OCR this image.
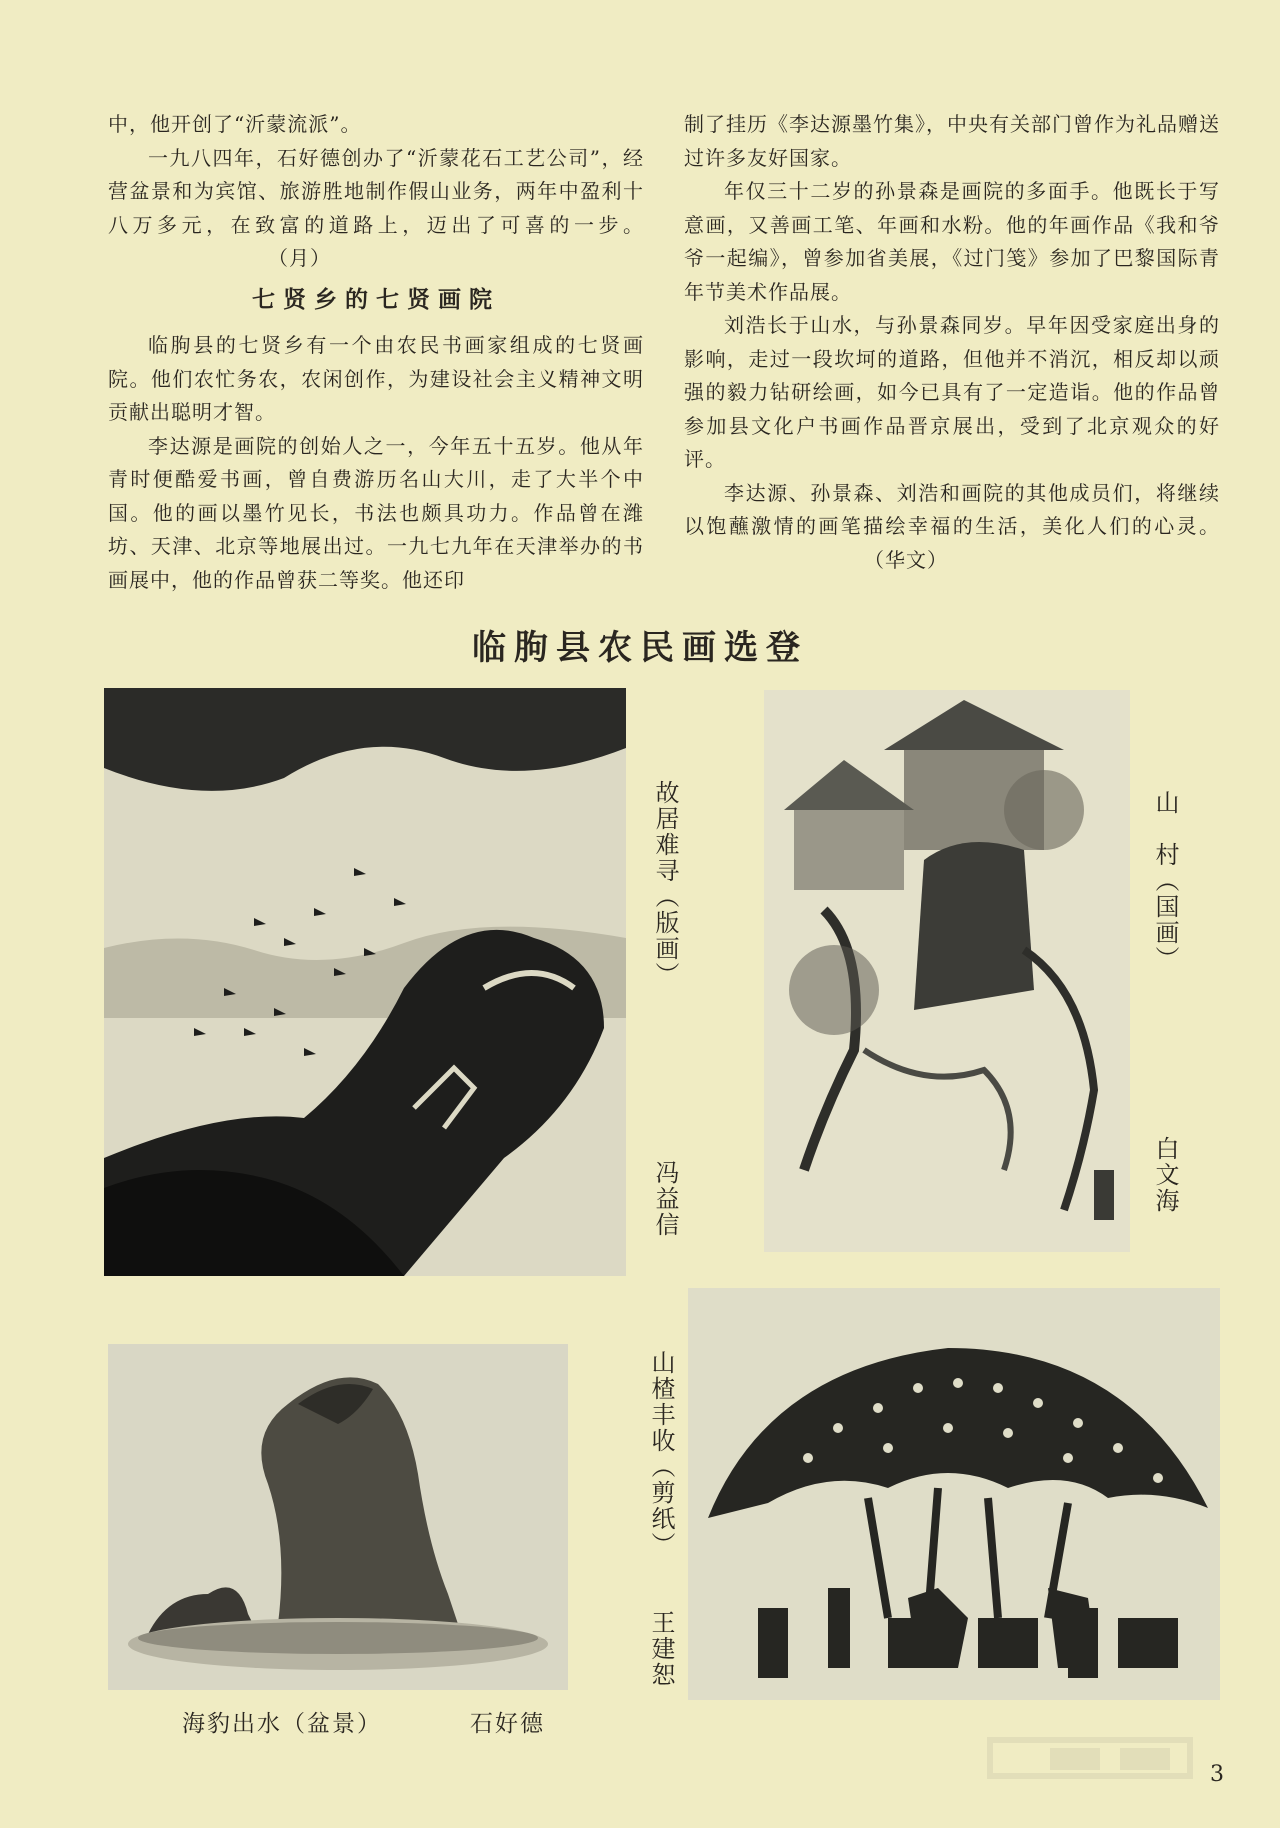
中，他开创了“沂蒙流派”。

一九八四年，石好德创办了“沂蒙花石工艺公司”，经营盆景和为宾馆、旅游胜地制作假山业务，两年中盈利十八万多元，在致富的道路上，迈出了可喜的一步。（月）

七贤乡的七贤画院

临朐县的七贤乡有一个由农民书画家组成的七贤画院。他们农忙务农，农闲创作，为建设社会主义精神文明贡献出聪明才智。

李达源是画院的创始人之一，今年五十五岁。他从年青时便酷爱书画，曾自费游历名山大川，走了大半个中国。他的画以墨竹见长，书法也颇具功力。作品曾在潍坊、天津、北京等地展出过。一九七九年在天津举办的书画展中，他的作品曾获二等奖。他还印

制了挂历《李达源墨竹集》，中央有关部门曾作为礼品赠送过许多友好国家。

年仅三十二岁的孙景森是画院的多面手。他既长于写意画，又善画工笔、年画和水粉。他的年画作品《我和爷爷一起编》，曾参加省美展，《过门笺》参加了巴黎国际青年节美术作品展。

刘浩长于山水，与孙景森同岁。早年因受家庭出身的影响，走过一段坎坷的道路，但他并不消沉，相反却以顽强的毅力钻研绘画，如今已具有了一定造诣。他的作品曾参加县文化户书画作品晋京展出，受到了北京观众的好评。

李达源、孙景森、刘浩和画院的其他成员们，将继续以饱蘸激情的画笔描绘幸福的生活，美化人们的心灵。（华文）

临朐县农民画选登
故居难寻（版画）
冯益信
山　村（国画）
白文海
海豹出水（盆景）	石好德
山楂丰收（剪纸）
王建恕
3
